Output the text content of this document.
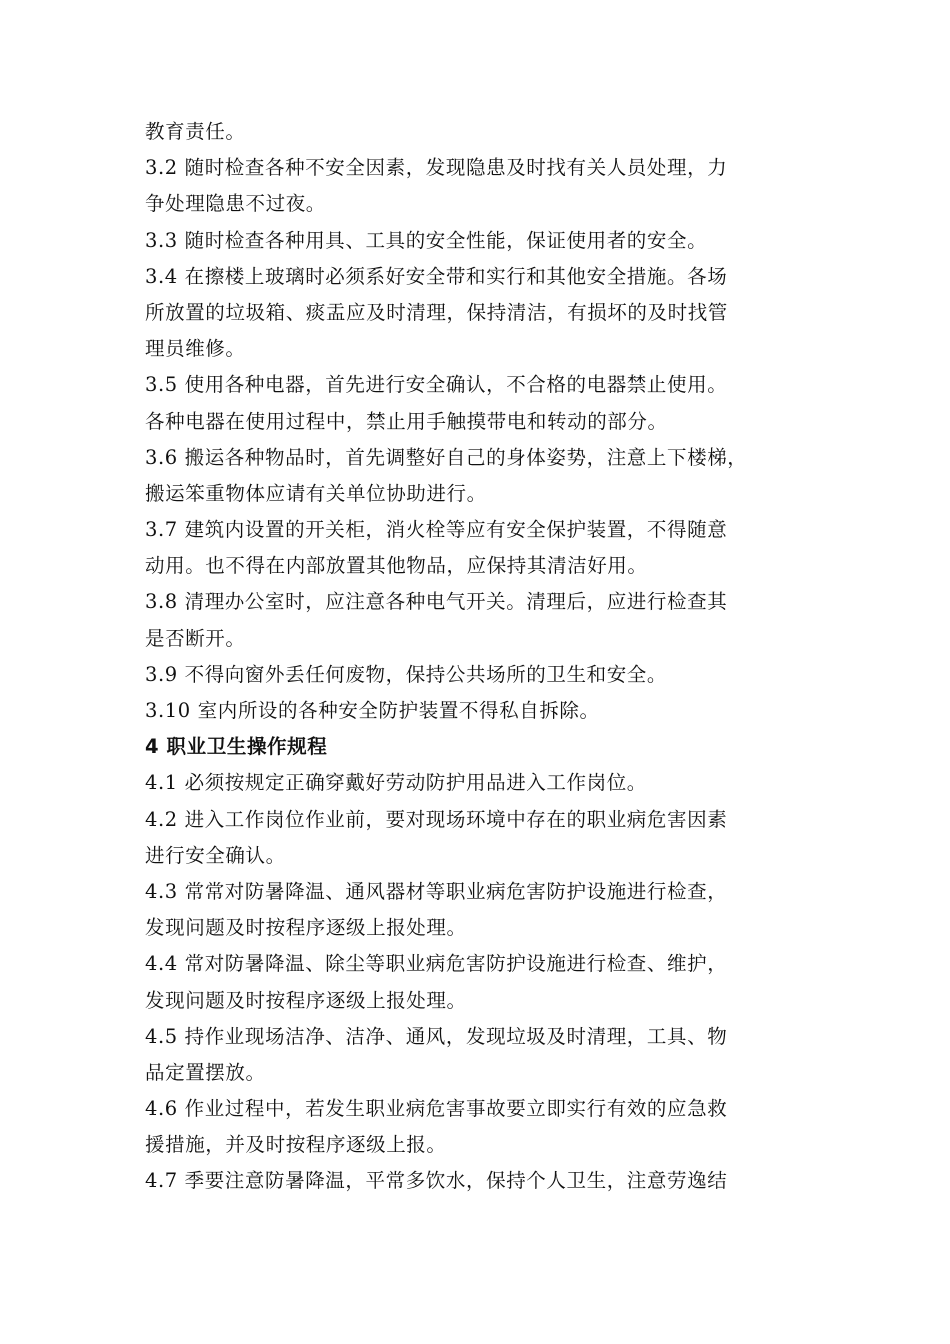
教育责任。
3.2 随时检查各种不安全因素，发现隐患及时找有关人员处理，力
争处理隐患不过夜。
3.3 随时检查各种用具、工具的安全性能，保证使用者的安全。
3.4 在擦楼上玻璃时必须系好安全带和实行和其他安全措施。各场
所放置的垃圾箱、痰盂应及时清理，保持清洁，有损坏的及时找管
理员维修。
3.5 使用各种电器，首先进行安全确认，不合格的电器禁止使用。
各种电器在使用过程中，禁止用手触摸带电和转动的部分。
3.6 搬运各种物品时，首先调整好自己的身体姿势，注意上下楼梯，
搬运笨重物体应请有关单位协助进行。
3.7 建筑内设置的开关柜，消火栓等应有安全保护装置，不得随意
动用。也不得在内部放置其他物品，应保持其清洁好用。
3.8 清理办公室时，应注意各种电气开关。清理后，应进行检查其
是否断开。
3.9 不得向窗外丢任何废物，保持公共场所的卫生和安全。
3.10 室内所设的各种安全防护装置不得私自拆除。
4 职业卫生操作规程
4.1 必须按规定正确穿戴好劳动防护用品进入工作岗位。
4.2 进入工作岗位作业前，要对现场环境中存在的职业病危害因素
进行安全确认。
4.3 常常对防暑降温、通风器材等职业病危害防护设施进行检查，
发现问题及时按程序逐级上报处理。
4.4 常对防暑降温、除尘等职业病危害防护设施进行检查、维护，
发现问题及时按程序逐级上报处理。
4.5 持作业现场洁净、洁净、通风，发现垃圾及时清理，工具、物
品定置摆放。
4.6 作业过程中，若发生职业病危害事故要立即实行有效的应急救
援措施，并及时按程序逐级上报。
4.7 季要注意防暑降温，平常多饮水，保持个人卫生，注意劳逸结
